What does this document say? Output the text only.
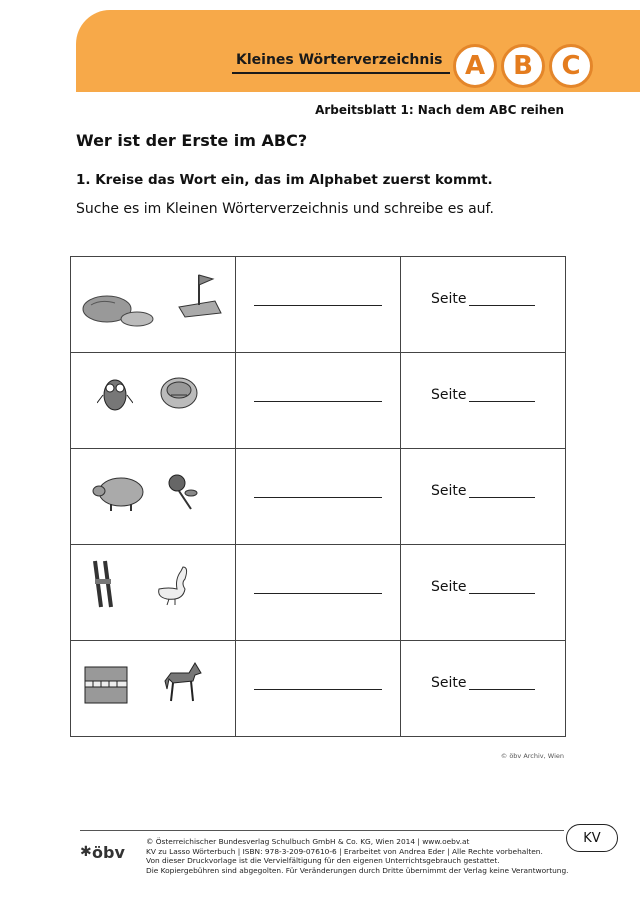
Kleines Wörterverzeichnis A	B	C
Arbeitsblatt 1: Nach dem ABC reihen
Wer ist der Erste im ABC?
1. Kreise das Wort ein, das im Alphabet zuerst kommt.
Suche es im Kleinen Wörterverzeichnis und schreibe es auf.

Seite

Seite

Seite

Seite

Seite
© öbv Archiv, Wien
✱ öbv
© Österreichischer Bundesverlag Schulbuch GmbH & Co. KG, Wien 2014 | www.oebv.at
KV zu Lasso Wörterbuch | ISBN: 978-3-209-07610-6 | Erarbeitet von Andrea Eder | Alle Rechte vorbehalten.
Von dieser Druckvorlage ist die Vervielfältigung für den eigenen Unterrichtsgebrauch gestattet.
Die Kopiergebühren sind abgegolten. Für Veränderungen durch Dritte übernimmt der Verlag keine Verantwortung.
KV
